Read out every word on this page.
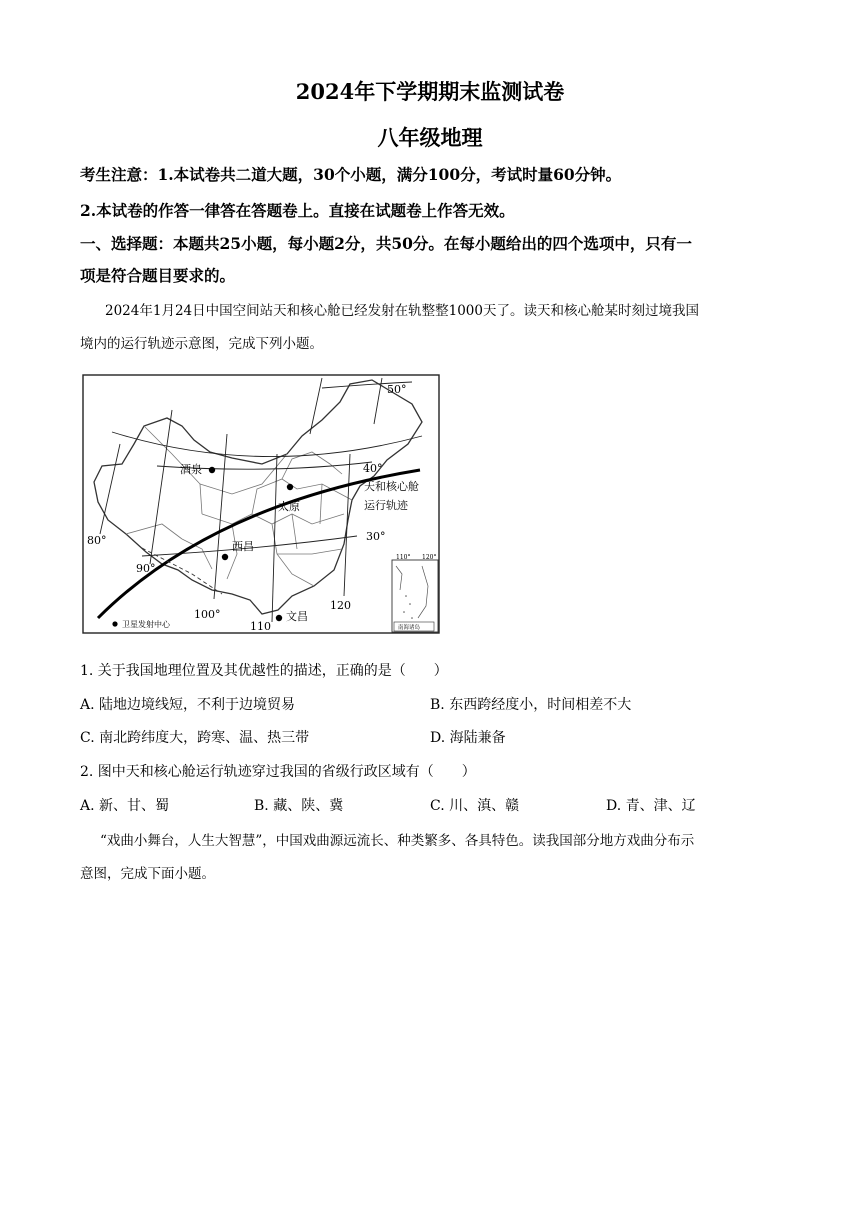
2024年下学期期末监测试卷
八年级地理
考生注意：1.本试卷共二道大题，30个小题，满分100分，考试时量60分钟。
2.本试卷的作答一律答在答题卷上。直接在试题卷上作答无效。
一、选择题：本题共25小题，每小题2分，共50分。在每小题给出的四个选项中，只有一
项是符合题目要求的。
2024年1月24日中国空间站天和核心舱已经发射在轨整整1000天了。读天和核心舱某时刻过境我国
境内的运行轨迹示意图，完成下列小题。
酒泉
太原
西昌
文昌
50°
40°
30°
80°
90°
100°
110
120
天和核心舱
运行轨迹
卫星发射中心
110° 120°
南海诸岛
1. 关于我国地理位置及其优越性的描述，正确的是（　　）
A. 陆地边境线短，不利于边境贸易	B. 东西跨经度小，时间相差不大
C. 南北跨纬度大，跨寒、温、热三带	D. 海陆兼备
2. 图中天和核心舱运行轨迹穿过我国的省级行政区域有（　　）
A. 新、甘、蜀	B. 藏、陕、冀	C. 川、滇、赣	D. 青、津、辽
“戏曲小舞台，人生大智慧”，中国戏曲源远流长、种类繁多、各具特色。读我国部分地方戏曲分布示
意图，完成下面小题。
